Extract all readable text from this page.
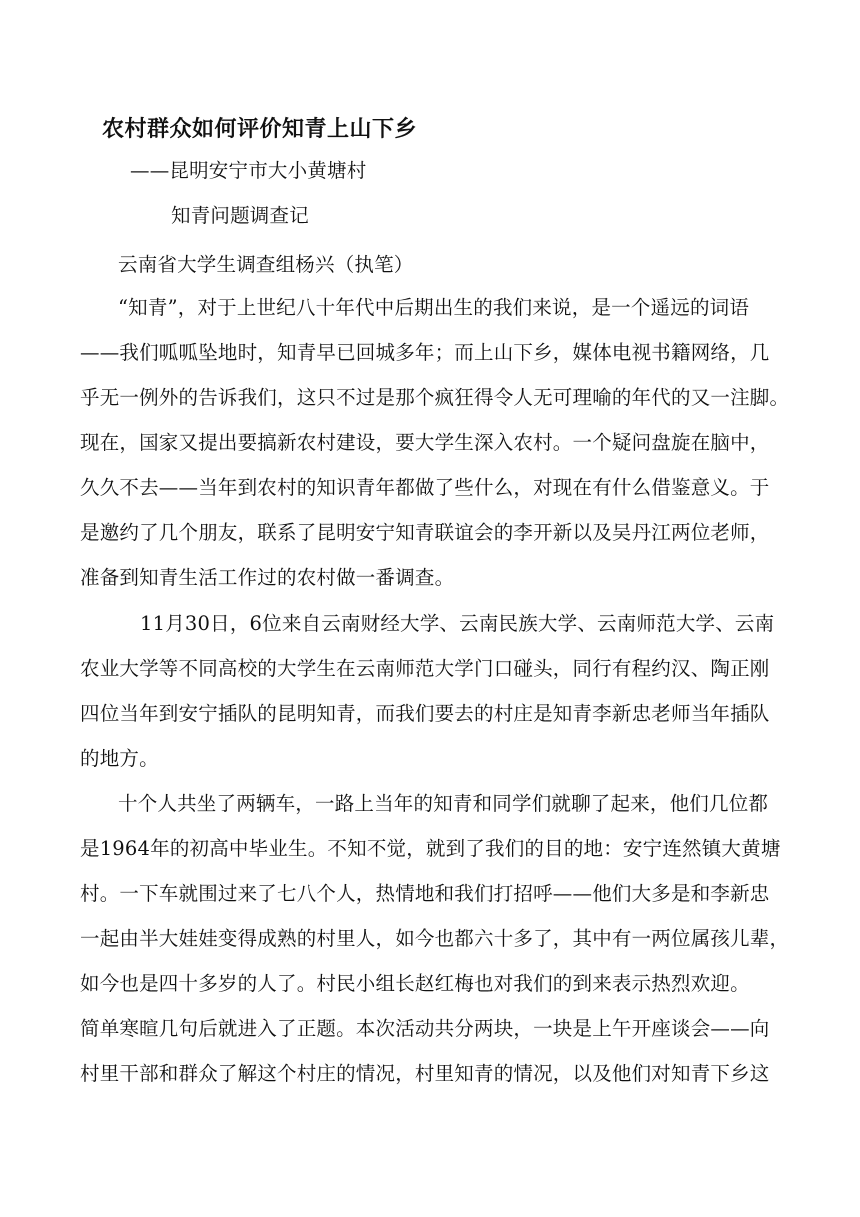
农村群众如何评价知青上山下乡
——昆明安宁市大小黄塘村
知青问题调查记
云南省大学生调查组杨兴（执笔）
“知青”，对于上世纪八十年代中后期出生的我们来说，是一个遥远的词语
——我们呱呱坠地时，知青早已回城多年；而上山下乡，媒体电视书籍网络，几
乎无一例外的告诉我们，这只不过是那个疯狂得令人无可理喻的年代的又一注脚。
现在，国家又提出要搞新农村建设，要大学生深入农村。一个疑问盘旋在脑中，
久久不去——当年到农村的知识青年都做了些什么，对现在有什么借鉴意义。于
是邀约了几个朋友，联系了昆明安宁知青联谊会的李开新以及吴丹江两位老师，
准备到知青生活工作过的农村做一番调查。
11月30日，6位来自云南财经大学、云南民族大学、云南师范大学、云南
农业大学等不同高校的大学生在云南师范大学门口碰头，同行有程约汉、陶正刚
四位当年到安宁插队的昆明知青，而我们要去的村庄是知青李新忠老师当年插队
的地方。
十个人共坐了两辆车，一路上当年的知青和同学们就聊了起来，他们几位都
是1964年的初高中毕业生。不知不觉，就到了我们的目的地：安宁连然镇大黄塘
村。一下车就围过来了七八个人，热情地和我们打招呼——他们大多是和李新忠
一起由半大娃娃变得成熟的村里人，如今也都六十多了，其中有一两位属孩儿辈，
如今也是四十多岁的人了。村民小组长赵红梅也对我们的到来表示热烈欢迎。
简单寒暄几句后就进入了正题。本次活动共分两块，一块是上午开座谈会——向
村里干部和群众了解这个村庄的情况，村里知青的情况，以及他们对知青下乡这
